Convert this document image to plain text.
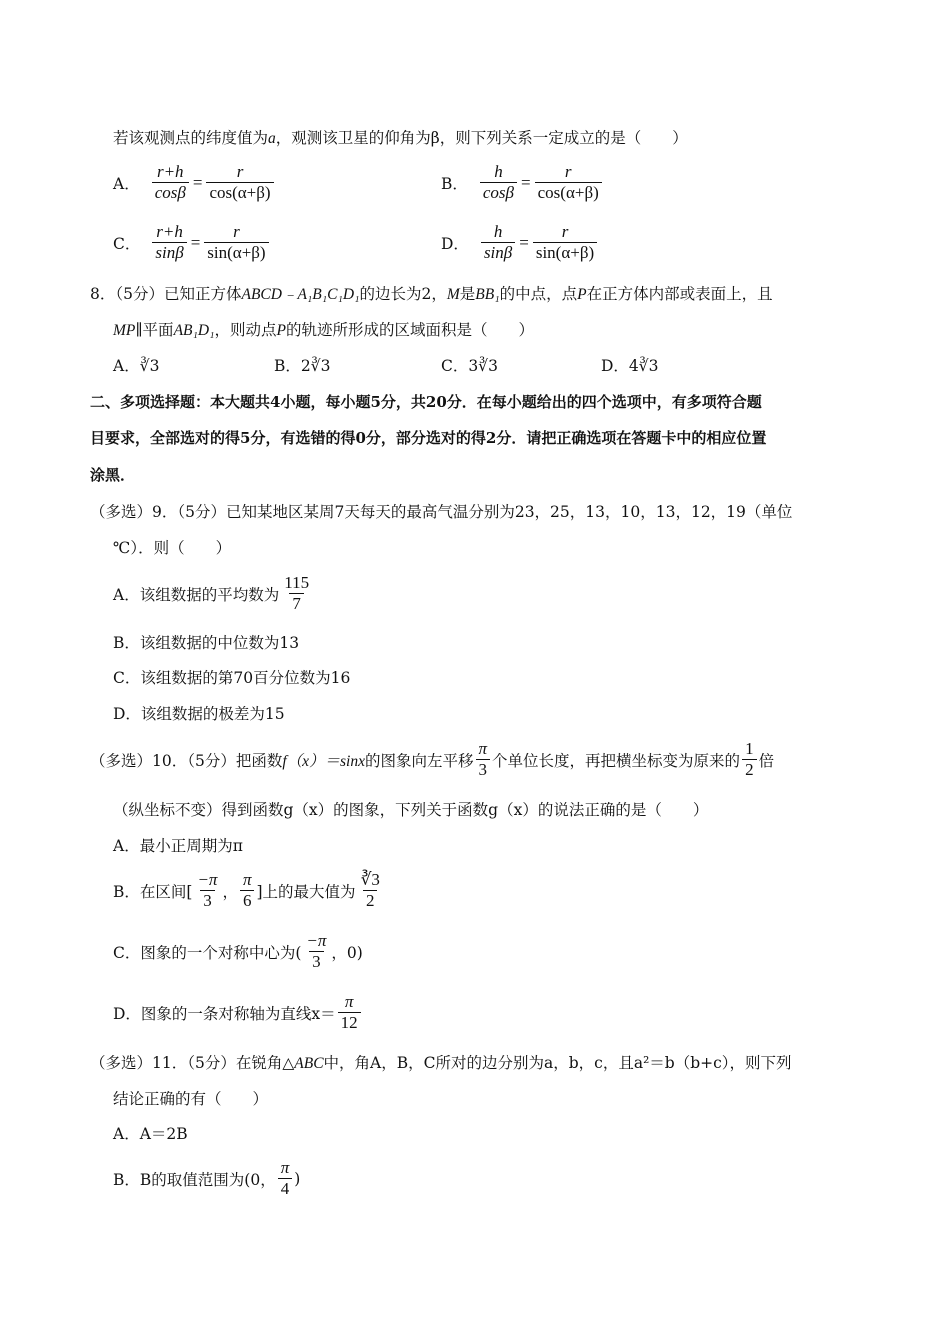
若该观测点的纬度值为a，观测该卫星的仰角为β，则下列关系一定成立的是（　　）
A． $\frac{r+h}{\cos\beta} = \frac{r}{\cos(\alpha+\beta)}$	B． $\frac{h}{\cos\beta} = \frac{r}{\cos(\alpha+\beta)}$
C． $\frac{r+h}{\sin\beta} = \frac{r}{\sin(\alpha+\beta)}$	D． $\frac{h}{\sin\beta} = \frac{r}{\sin(\alpha+\beta)}$
8．（5分）已知正方体ABCD﹣A₁B₁C₁D₁的边长为2，M是BB₁的中点，点P在正方体内部或表面上，且
MP∥平面AB₁D₁，则动点P的轨迹所形成的区域面积是（　　）
A．∛3	B．2∛3	C．3∛3	D．4∛3
二、多项选择题：本大题共4小题，每小题5分，共20分．在每小题给出的四个选项中，有多项符合题
目要求，全部选对的得5分，有选错的得0分，部分选对的得2分．请把正确选项在答题卡中的相应位置
涂黑．
（多选）9．（5分）已知某地区某周7天每天的最高气温分别为23，25，13，10，13，12，19（单位
℃）．则（　　）
A．该组数据的平均数为 $\frac{115}{7}$
B．该组数据的中位数为13
C．该组数据的第70百分位数为16
D．该组数据的极差为15
（多选）10．（5分）把函数 f（x）＝sinx 的图象向左平移 $\frac{\pi}{3}$ 个单位长度，再把横坐标变为原来的 $\frac{1}{2}$ 倍
（纵坐标不变）得到函数g（x）的图象，下列关于函数g（x）的说法正确的是（　　）
A．最小正周期为π
B．在区间[ $\frac{-\pi}{3}$ ， $\frac{\pi}{6}$ ]上的最大值为 $\frac{∛3}{2}$
C．图象的一个对称中心为( $\frac{-\pi}{3}$ ，0)
D．图象的一条对称轴为直线$x= \frac{\pi}{12}$
（多选）11．（5分）在锐角△ABC中，角A，B，C所对的边分别为a，b，c，且a²＝b（b+c），则下列
结论正确的有（　　）
A．A＝2B
B．B的取值范围为(0， $\frac{\pi}{4}$ )
